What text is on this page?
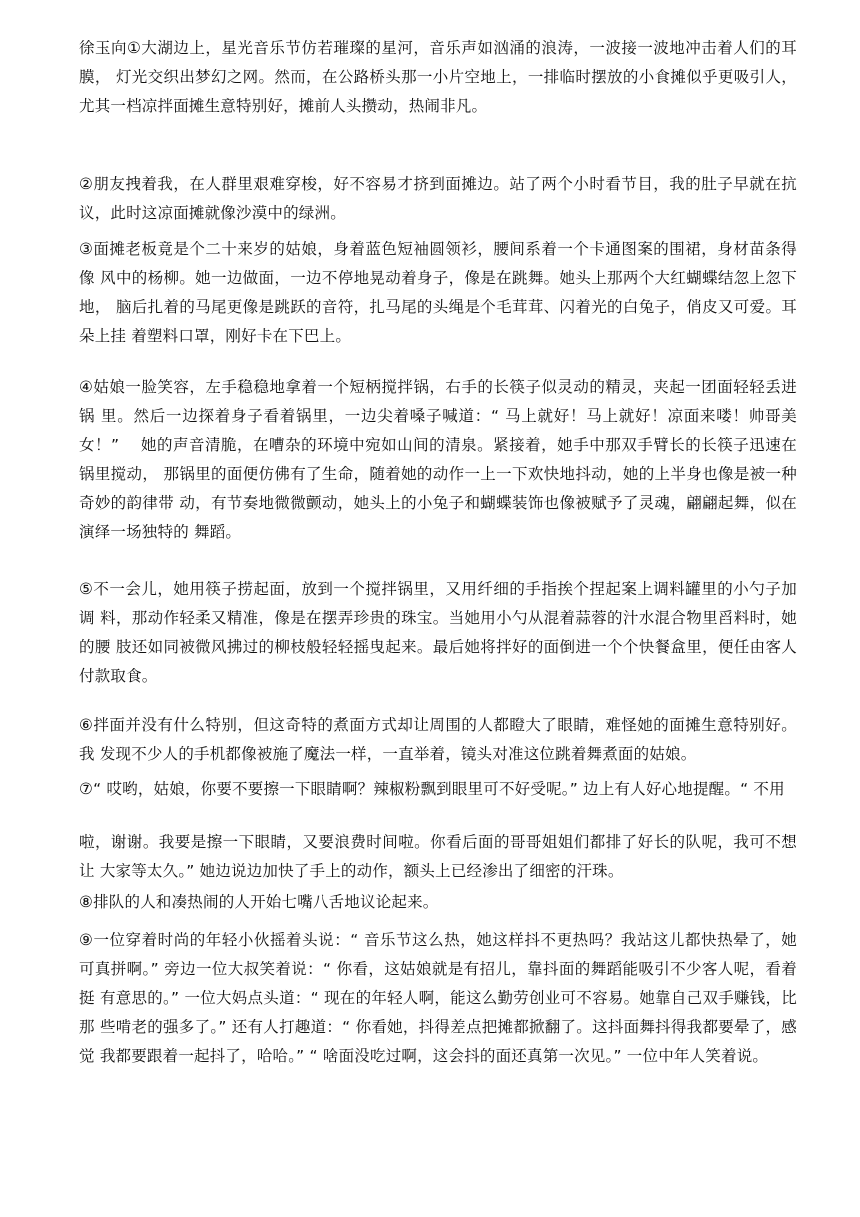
徐玉向①大湖边上，星光音乐节仿若璀璨的星河，音乐声如汹涌的浪涛，一波接一波地冲击着人们的耳膜， 灯光交织出梦幻之网。然而，在公路桥头那一小片空地上，一排临时摆放的小食摊似乎更吸引人，尤其一档凉拌面摊生意特别好，摊前人头攒动，热闹非凡。

②朋友拽着我，在人群里艰难穿梭，好不容易才挤到面摊边。站了两个小时看节目，我的肚子早就在抗议，此时这凉面摊就像沙漠中的绿洲。

③面摊老板竟是个二十来岁的姑娘，身着蓝色短袖圆领衫，腰间系着一个卡通图案的围裙，身材苗条得像 风中的杨柳。她一边做面，一边不停地晃动着身子，像是在跳舞。她头上那两个大红蝴蝶结忽上忽下地， 脑后扎着的马尾更像是跳跃的音符，扎马尾的头绳是个毛茸茸、闪着光的白兔子，俏皮又可爱。耳朵上挂 着塑料口罩，刚好卡在下巴上。

④姑娘一脸笑容，左手稳稳地拿着一个短柄搅拌锅，右手的长筷子似灵动的精灵，夹起一团面轻轻丢进锅 里。然后一边探着身子看着锅里，一边尖着嗓子喊道：“ 马上就好！马上就好！凉面来喽！帅哥美女！”　 她的声音清脆，在嘈杂的环境中宛如山间的清泉。紧接着，她手中那双手臂长的长筷子迅速在锅里搅动， 那锅里的面便仿佛有了生命，随着她的动作一上一下欢快地抖动，她的上半身也像是被一种奇妙的韵律带 动，有节奏地微微颤动，她头上的小兔子和蝴蝶装饰也像被赋予了灵魂，翩翩起舞，似在演绎一场独特的 舞蹈。

⑤不一会儿，她用筷子捞起面，放到一个搅拌锅里，又用纤细的手指挨个捏起案上调料罐里的小勺子加调 料，那动作轻柔又精准，像是在摆弄珍贵的珠宝。当她用小勺从混着蒜蓉的汁水混合物里舀料时，她的腰 肢还如同被微风拂过的柳枝般轻轻摇曳起来。最后她将拌好的面倒进一个个快餐盒里，便任由客人付款取食。

⑥拌面并没有什么特别，但这奇特的煮面方式却让周围的人都瞪大了眼睛，难怪她的面摊生意特别好。我 发现不少人的手机都像被施了魔法一样，一直举着，镜头对准这位跳着舞煮面的姑娘。

⑦“ 哎哟，姑娘，你要不要擦一下眼睛啊？辣椒粉飘到眼里可不好受呢。” 边上有人好心地提醒。“ 不用

啦，谢谢。我要是擦一下眼睛，又要浪费时间啦。你看后面的哥哥姐姐们都排了好长的队呢，我可不想让 大家等太久。” 她边说边加快了手上的动作，额头上已经渗出了细密的汗珠。

⑧排队的人和凑热闹的人开始七嘴八舌地议论起来。

⑨一位穿着时尚的年轻小伙摇着头说：“ 音乐节这么热，她这样抖不更热吗？我站这儿都快热晕了，她可真拼啊。” 旁边一位大叔笑着说：“ 你看，这姑娘就是有招儿，靠抖面的舞蹈能吸引不少客人呢，看着挺 有意思的。” 一位大妈点头道：“ 现在的年轻人啊，能这么勤劳创业可不容易。她靠自己双手赚钱，比那 些啃老的强多了。” 还有人打趣道：“ 你看她，抖得差点把摊都掀翻了。这抖面舞抖得我都要晕了，感觉 我都要跟着一起抖了，哈哈。” “ 啥面没吃过啊，这会抖的面还真第一次见。” 一位中年人笑着说。
